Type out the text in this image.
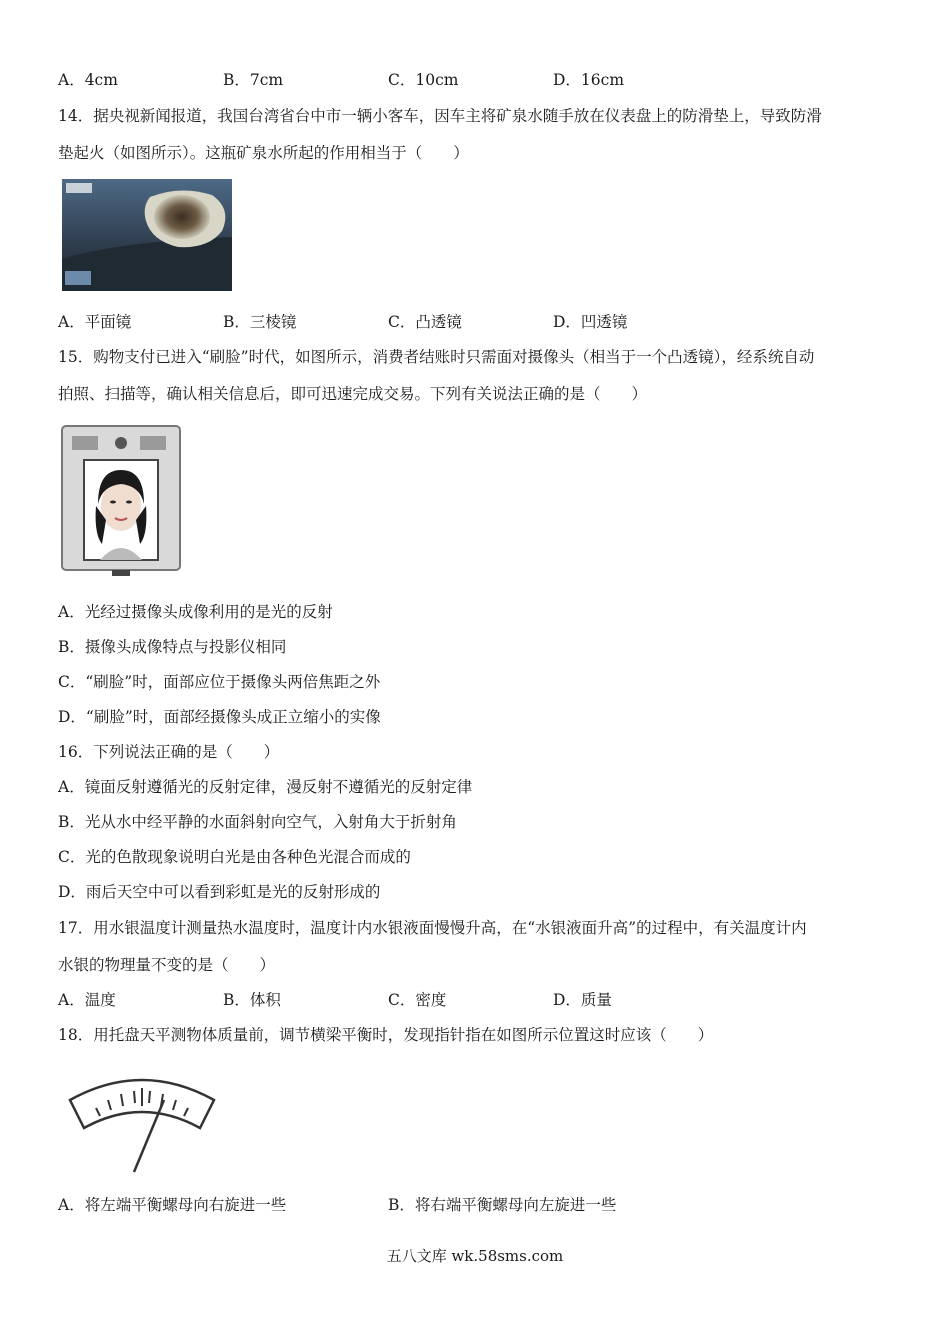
A．4cm	B．7cm	C．10cm	D．16cm
14．据央视新闻报道，我国台湾省台中市一辆小客车，因车主将矿泉水随手放在仪表盘上的防滑垫上，导致防滑
垫起火（如图所示）。这瓶矿泉水所起的作用相当于（　　）
A．平面镜	B．三棱镜	C．凸透镜	D．凹透镜
15．购物支付已进入“刷脸”时代，如图所示，消费者结账时只需面对摄像头（相当于一个凸透镜），经系统自动
拍照、扫描等，确认相关信息后，即可迅速完成交易。下列有关说法正确的是（　　）
A．光经过摄像头成像利用的是光的反射
B．摄像头成像特点与投影仪相同
C．“刷脸”时，面部应位于摄像头两倍焦距之外
D．“刷脸”时，面部经摄像头成正立缩小的实像
16．下列说法正确的是（　　）
A．镜面反射遵循光的反射定律，漫反射不遵循光的反射定律
B．光从水中经平静的水面斜射向空气，入射角大于折射角
C．光的色散现象说明白光是由各种色光混合而成的
D．雨后天空中可以看到彩虹是光的反射形成的
17．用水银温度计测量热水温度时，温度计内水银液面慢慢升高，在“水银液面升高”的过程中，有关温度计内
水银的物理量不变的是（　　）
A．温度	B．体积	C．密度	D．质量
18．用托盘天平测物体质量前，调节横梁平衡时，发现指针指在如图所示位置这时应该（　　）
A．将左端平衡螺母向右旋进一些	B．将右端平衡螺母向左旋进一些
五八文库 wk.58sms.com
